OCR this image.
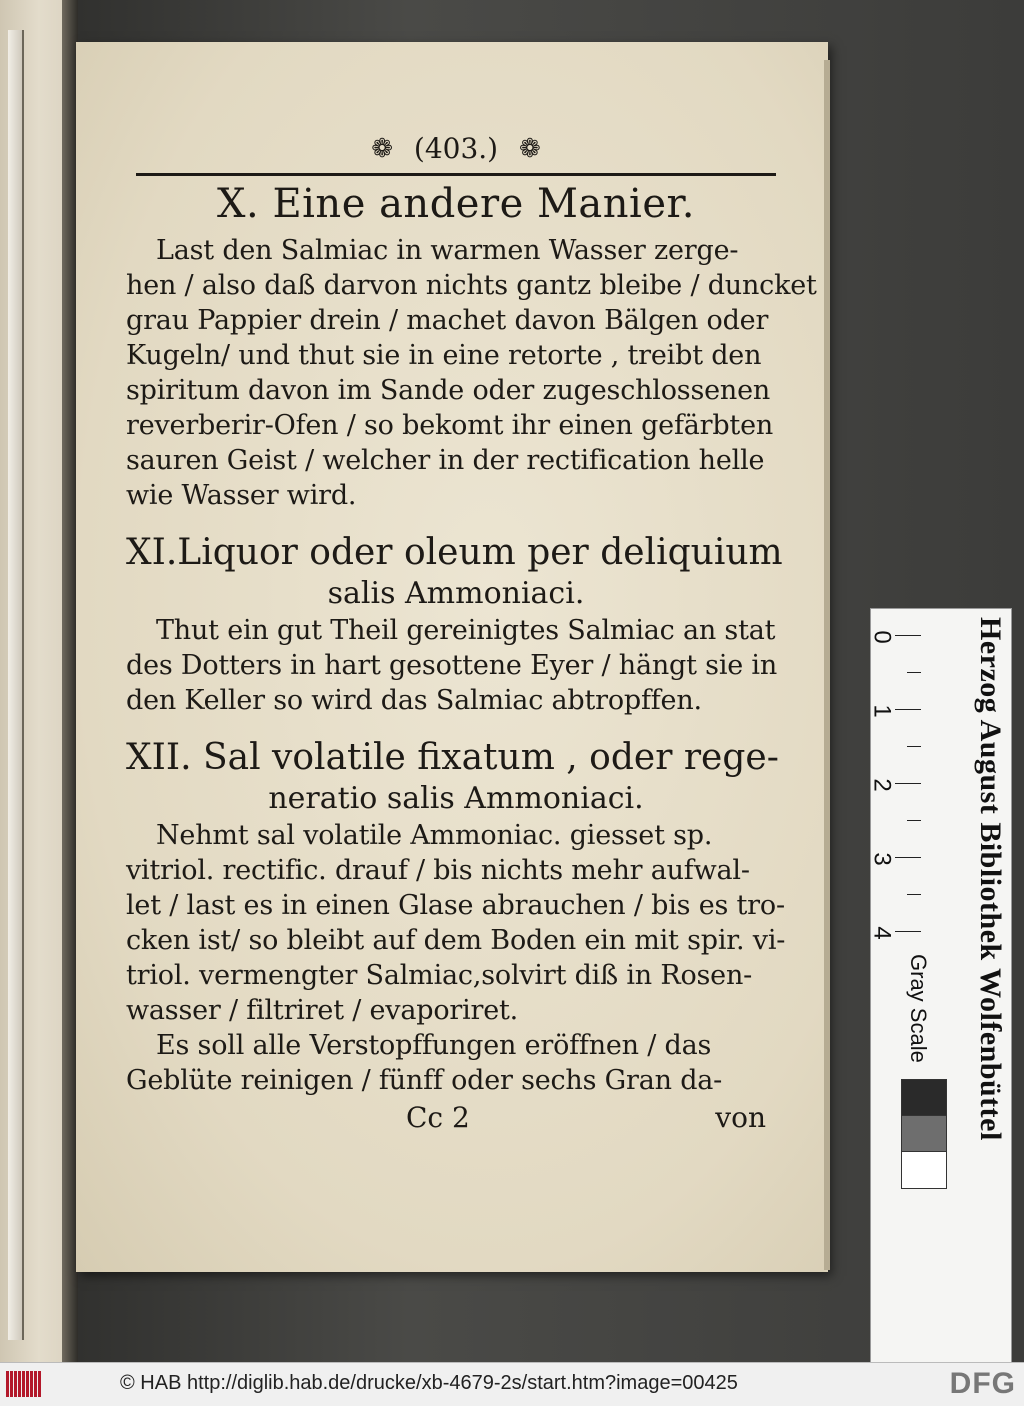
❁ (403.) ❁
X. Eine andere Manier.

Last den Salmiac in warmen Wasser zerge-
hen / also daß darvon nichts gantz bleibe / duncket
grau Pappier drein / machet davon Bälgen oder
Kugeln/ und thut sie in eine retorte , treibt den
spiritum davon im Sande oder zugeschlossenen
reverberir-Ofen / so bekomt ihr einen gefärbten
sauren Geist / welcher in der rectification helle
wie Wasser wird.

XI.Liquor oder oleum per deliquium
salis Ammoniaci.

Thut ein gut Theil gereinigtes Salmiac an stat
des Dotters in hart gesottene Eyer / hängt sie in
den Keller so wird das Salmiac abtropffen.

XII. Sal volatile fixatum , oder rege-
neratio salis Ammoniaci.

Nehmt sal volatile Ammoniac. giesset sp.
vitriol. rectific. drauf / bis nichts mehr aufwal-
let / last es in einen Glase abrauchen / bis es tro-
cken ist/ so bleibt auf dem Boden ein mit spir. vi-
triol. vermengter Salmiac,solvirt diß in Rosen-
wasser / filtriret / evaporiret.

Es soll alle Verstopffungen eröffnen / das
Geblüte reinigen / fünff oder sechs Gran da-

Cc 2	von
0
1
2
3
4
Gray Scale	Herzog August Bibliothek Wolfenbüttel
© HAB http://diglib.hab.de/drucke/xb-4679-2s/start.htm?image=00425	DFG
